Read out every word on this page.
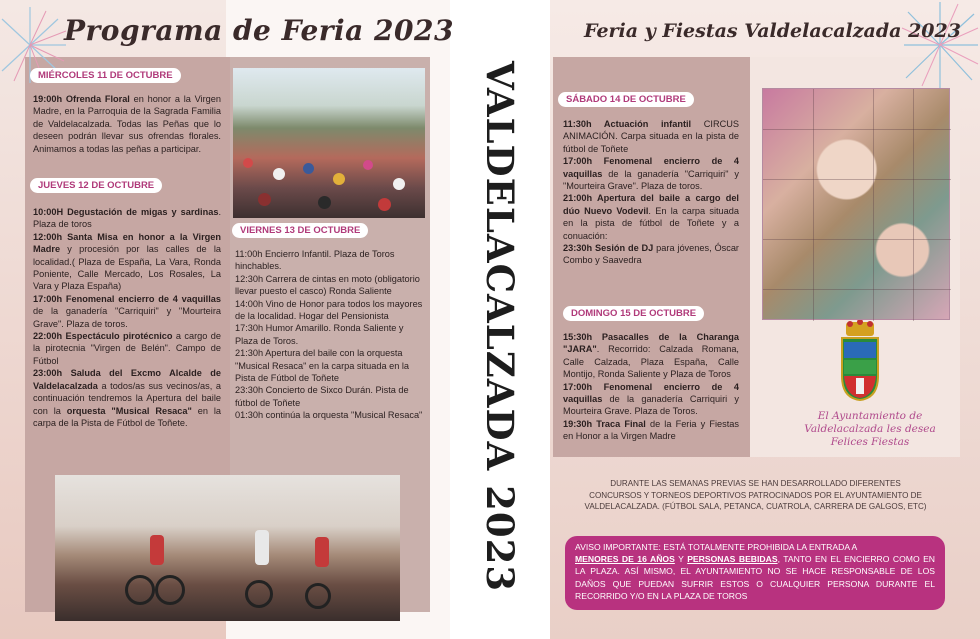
Programa de Feria 2023	Feria y Fiestas Valdelacalzada 2023
MIÉRCOLES 11 DE OCTUBRE

19:00h Ofrenda Floral en honor a la Virgen Madre, en la Parroquia de la Sagrada Familia de Valdelacalzada. Todas las Peñas que lo deseen podrán llevar sus ofrendas florales. Animamos a todas las peñas a participar.

JUEVES 12 DE OCTUBRE

10:00H Degustación de migas y sardinas. Plaza de toros

12:00h Santa Misa en honor a la Virgen Madre y procesión por las calles de la localidad.( Plaza de España, La Vara, Ronda Poniente, Calle Mercado, Los Rosales, La Vara y Plaza España)

17:00h Fenomenal encierro de 4 vaquillas de la ganadería "Carriquiri" y "Mourteira Grave". Plaza de toros.

22:00h Espectáculo pirotécnico a cargo de la pirotecnia "Virgen de Belén". Campo de Fútbol

23:00h Saluda del Excmo Alcalde de Valdelacalzada a todos/as sus vecinos/as, a continuación tendremos la Apertura del baile con la orquesta "Musical Resaca" en la carpa de la Pista de Fútbol de Toñete.

VIERNES 13 DE OCTUBRE

11:00h Encierro Infantil. Plaza de Toros hinchables.

12:30h Carrera de cintas en moto (obligatorio llevar puesto el casco) Ronda Saliente

14:00h Vino de Honor para todos los mayores de la localidad. Hogar del Pensionista

17:30h Humor Amarillo. Ronda Saliente y Plaza de Toros.

21:30h Apertura del baile con la orquesta "Musical Resaca" en la carpa situada en la Pista de Fútbol de Toñete

23:30h Concierto de Sixco Durán. Pista de fútbol de Toñete

01:30h continúa la orquesta "Musical Resaca" VALDELACALZADA 2023	SÁBADO 14 DE OCTUBRE

11:30h Actuación infantil CIRCUS ANIMACIÓN. Carpa situada en la pista de fútbol de Toñete

17:00h Fenomenal encierro de 4 vaquillas de la ganadería "Carriquiri" y "Mourteira Grave". Plaza de toros.

21:00h Apertura del baile a cargo del dúo Nuevo Vodevil. En la carpa situada en la pista de fútbol de Toñete y a conuación:

23:30h Sesión de DJ para jóvenes, Óscar Combo y Saavedra

DOMINGO 15 DE OCTUBRE

15:30h Pasacalles de la Charanga "JARA". Recorrido: Calzada Romana, Calle Calzada, Plaza España, Calle Montijo, Ronda Saliente y Plaza de Toros

17:00h Fenomenal encierro de 4 vaquillas de la ganadería Carriquiri y Mourteira Grave. Plaza de Toros.

19:30h Traca Final de la Feria y Fiestas en Honor a la Virgen Madre

El Ayuntamiento de
Valdelacalzada les desea
Felices Fiestas
DURANTE LAS SEMANAS PREVIAS SE HAN DESARROLLADO DIFERENTES CONCURSOS Y TORNEOS DEPORTIVOS PATROCINADOS POR EL AYUNTAMIENTO DE VALDELACALZADA. (FÚTBOL SALA, PETANCA, CUATROLA, CARRERA DE GALGOS, ETC)
AVISO IMPORTANTE: ESTÁ TOTALMENTE PROHIBIDA LA ENTRADA A
MENORES DE 16 AÑOS Y PERSONAS BEBIDAS, TANTO EN EL ENCIERRO COMO EN LA PLAZA. ASÍ MISMO, EL AYUNTAMIENTO NO SE HACE RESPONSABLE DE LOS DAÑOS QUE PUEDAN SUFRIR ESTOS O CUALQUIER PERSONA DURANTE EL RECORRIDO Y/O EN LA PLAZA DE TOROS
